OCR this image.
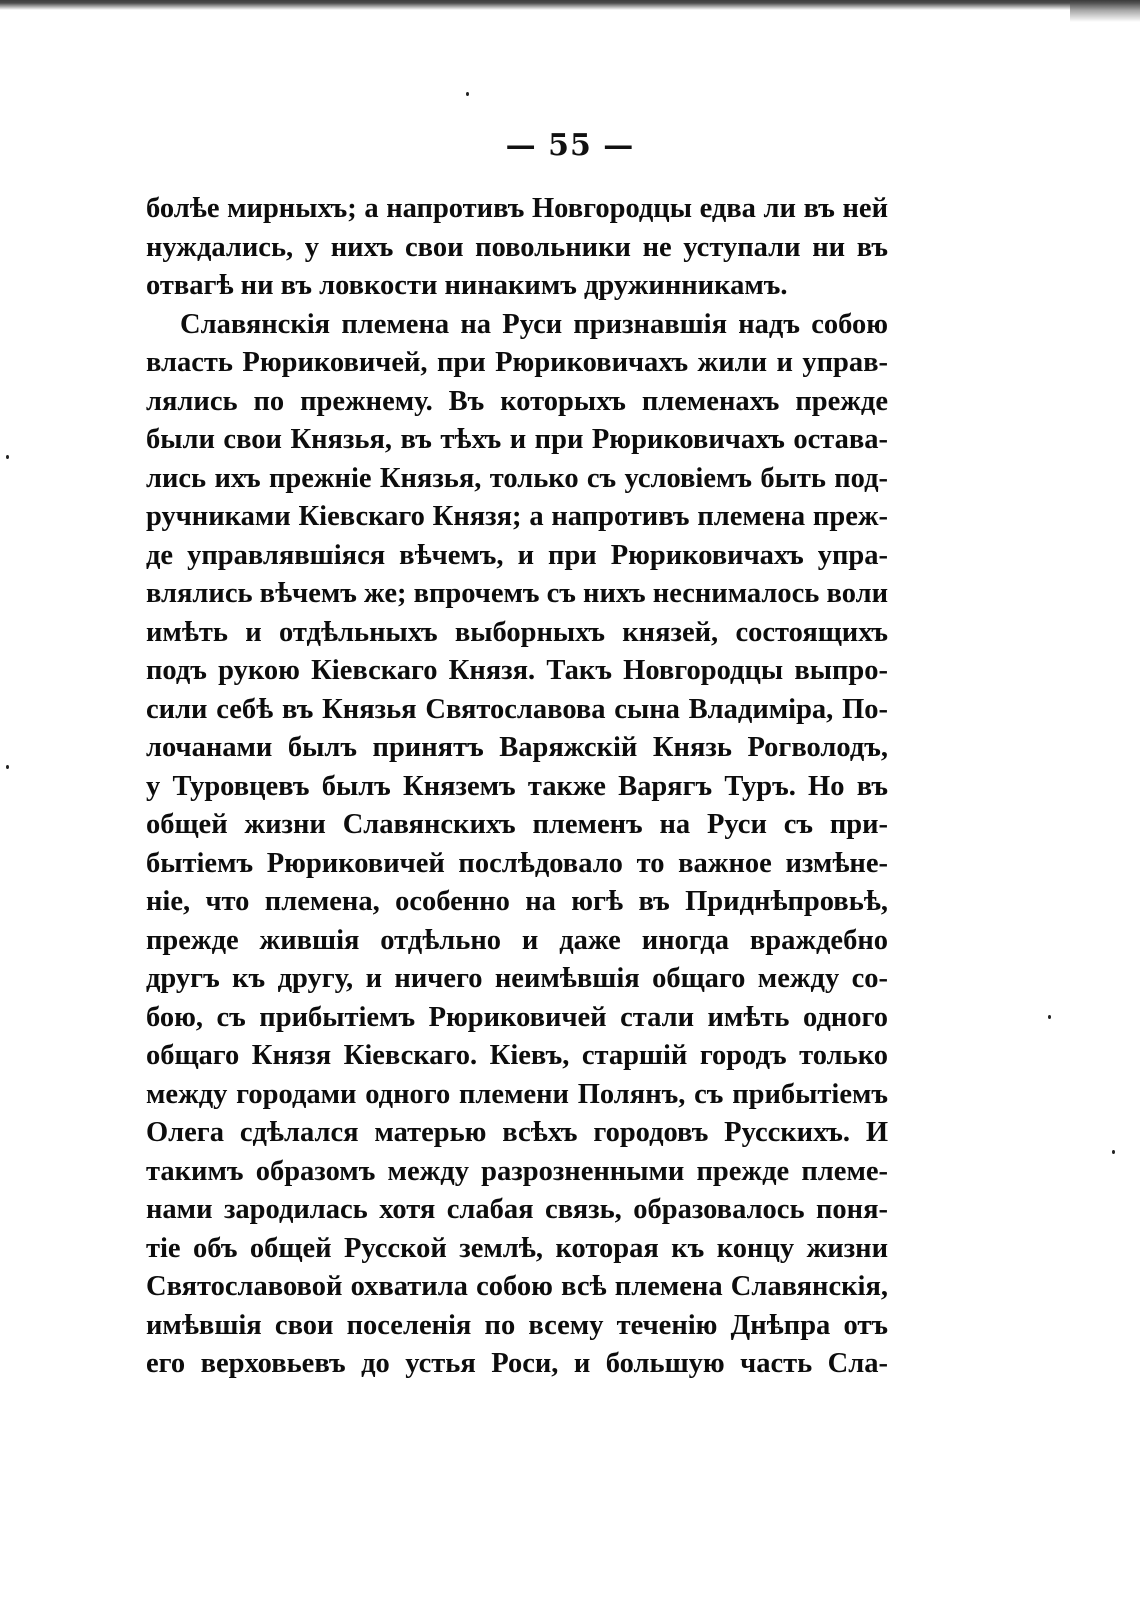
— 55 —
болѣе мирныхъ; а напротивъ Новгородцы едва ли въ ней
нуждались, у нихъ свои повольники не уступали ни въ
отвагѣ ни въ ловкости нинакимъ дружинникамъ.
Славянскія племена на Руси признавшія надъ собою
власть Рюриковичей, при Рюриковичахъ жили и управ-
лялись по прежнему. Въ которыхъ племенахъ прежде
были свои Князья, въ тѣхъ и при Рюриковичахъ остава-
лись ихъ прежніе Князья, только съ условіемъ быть под-
ручниками Кіевскаго Князя; а напротивъ племена преж-
де управлявшіяся вѣчемъ, и при Рюриковичахъ упра-
влялись вѣчемъ же; впрочемъ съ нихъ неснималось воли
имѣть и отдѣльныхъ выборныхъ князей, состоящихъ
подъ рукою Кіевскаго Князя. Такъ Новгородцы выпро-
сили себѣ въ Князья Святославова сына Владиміра, По-
лочанами былъ принятъ Варяжскій Князь Рогволодъ,
у Туровцевъ былъ Княземъ также Варягъ Туръ. Но въ
общей жизни Славянскихъ племенъ на Руси съ при-
бытіемъ Рюриковичей послѣдовало то важное измѣне-
ніе, что племена, особенно на югѣ въ Приднѣпровьѣ,
прежде жившія отдѣльно и даже иногда враждебно
другъ къ другу, и ничего неимѣвшія общаго между со-
бою, съ прибытіемъ Рюриковичей стали имѣть одного
общаго Князя Кіевскаго. Кіевъ, старшій городъ только
между городами одного племени Полянъ, съ прибытіемъ
Олега сдѣлался матерью всѣхъ городовъ Русскихъ. И
такимъ образомъ между разрозненными прежде племе-
нами зародилась хотя слабая связь, образовалось поня-
тіе объ общей Русской землѣ, которая къ концу жизни
Святославовой охватила собою всѣ племена Славянскія,
имѣвшія свои поселенія по всему теченію Днѣпра отъ
его верховьевъ до устья Роси, и большую часть Сла-
